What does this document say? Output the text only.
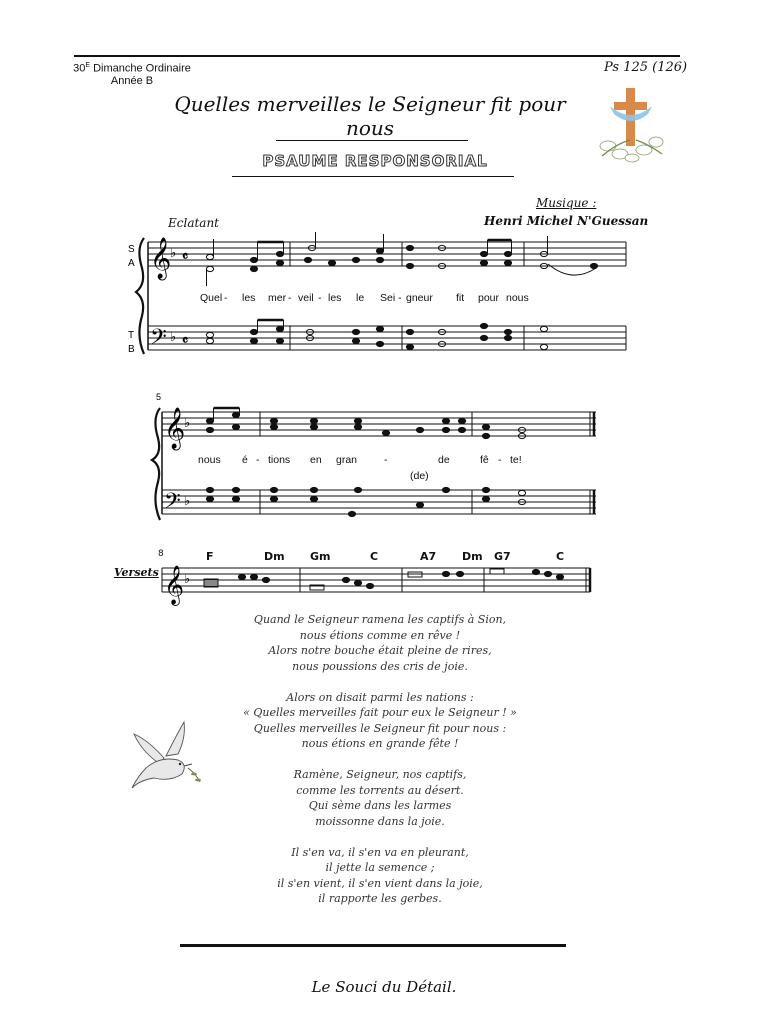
$30^E$ Dimanche Ordinaire
Année B
Ps 125 (126)
Quelles merveilles le Seigneur fit pour nous
PSAUME RESPONSORIAL
Musique :
Henri Michel N'Guessan
Eclatant
S
A
T
B
𝄞
𝄢
♭
♭
𝄴
𝄴
Quel - les mer - veil - les le Sei - gneur fit pour nous
5
𝄞
𝄢
♭
♭
nous é - tions en gran	-	de	fê - te!
(de)
Versets
8	F	Dm Gm	C	A7 Dm G7	C
𝄞 ♭
Quand le Seigneur ramena les captifs à Sion,
nous étions comme en rêve !
Alors notre bouche était pleine de rires,
nous poussions des cris de joie.
Alors on disait parmi les nations :
« Quelles merveilles fait pour eux le Seigneur ! »
Quelles merveilles le Seigneur fit pour nous :
nous étions en grande fête !
Ramène, Seigneur, nos captifs,
comme les torrents au désert.
Qui sème dans les larmes
moissonne dans la joie.
Il s'en va, il s'en va en pleurant,
il jette la semence ;
il s'en vient, il s'en vient dans la joie,
il rapporte les gerbes.
Le Souci du Détail.
